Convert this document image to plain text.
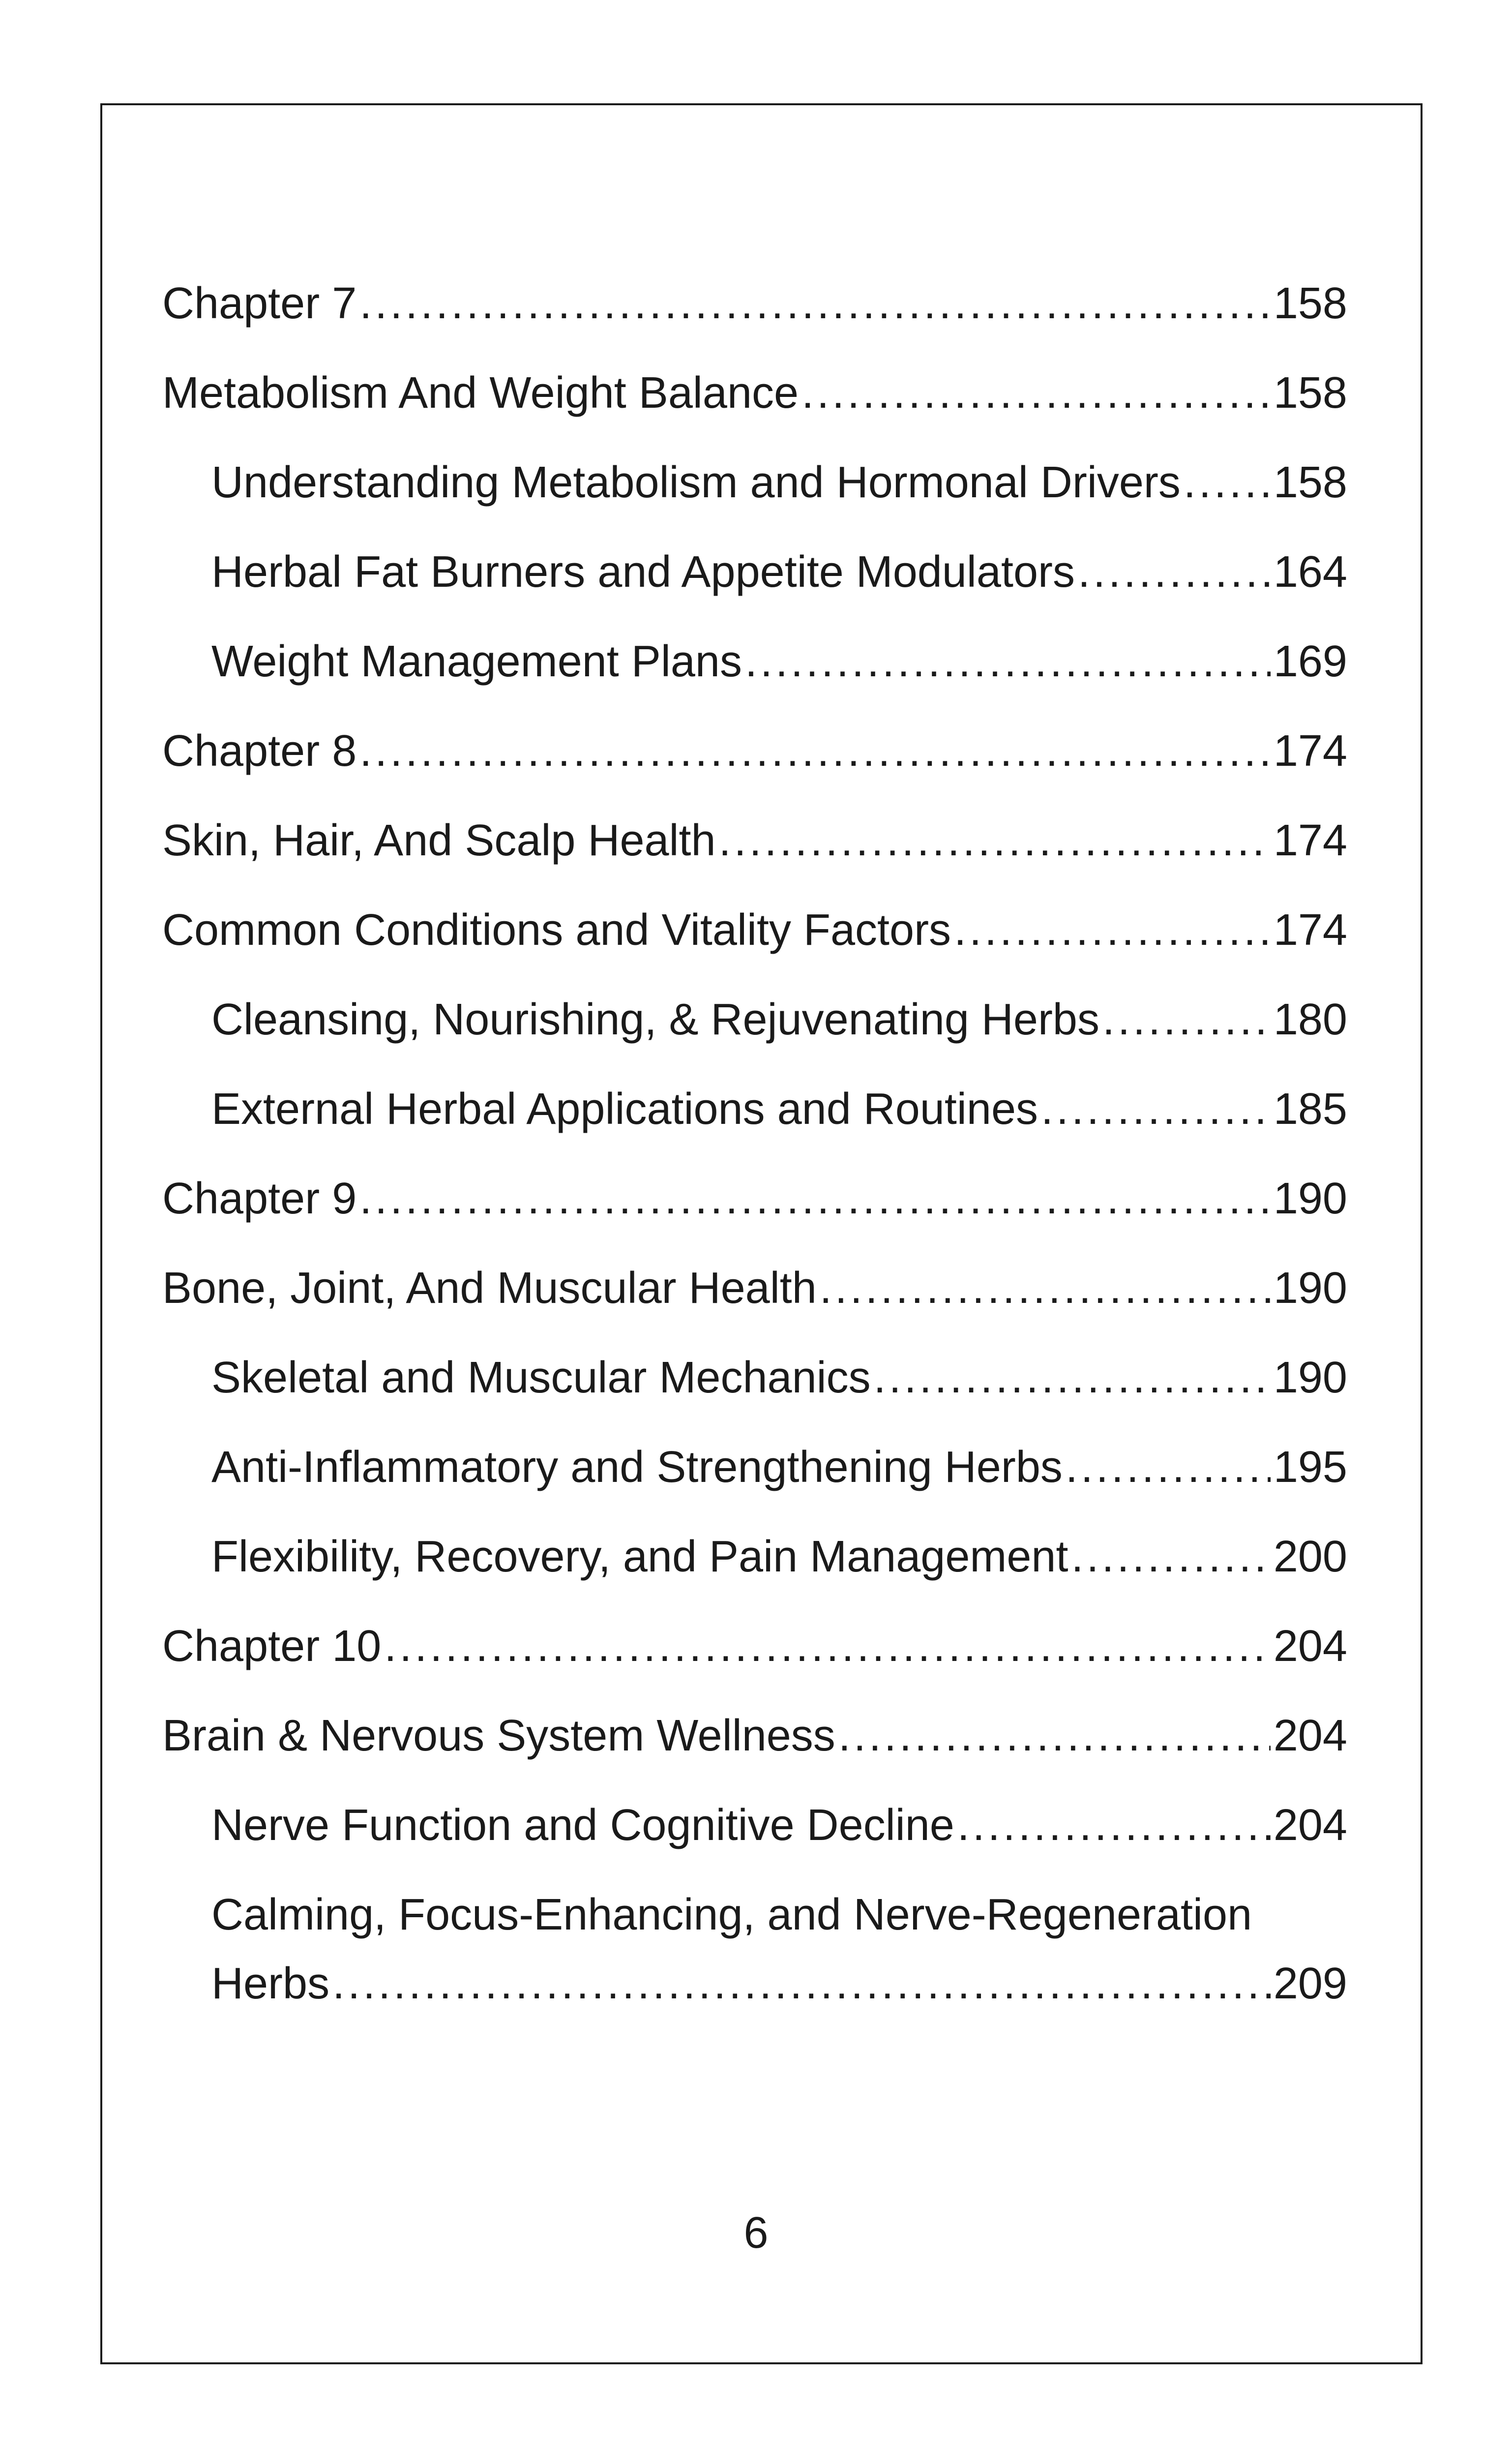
Chapter 7 .....	158
Metabolism And Weight Balance .....	158
Understanding Metabolism and Hormonal Drivers ..... 158
Herbal Fat Burners and Appetite Modulators .....	164
Weight Management Plans .....	169
Chapter 8 .....	174
Skin, Hair, And Scalp Health .....	174
Common Conditions and Vitality Factors .....	174
Cleansing, Nourishing, & Rejuvenating Herbs .....	180
External Herbal Applications and Routines .....	185
Chapter 9 .....	190
Bone, Joint, And Muscular Health .....	190
Skeletal and Muscular Mechanics .....	190
Anti-Inflammatory and Strengthening Herbs .....	195
Flexibility, Recovery, and Pain Management .....	200
Chapter 10 .....	204
Brain & Nervous System Wellness .....	204
Nerve Function and Cognitive Decline .....	204
Calming, Focus-Enhancing, and Nerve-Regeneration
Herbs .....	209
6
